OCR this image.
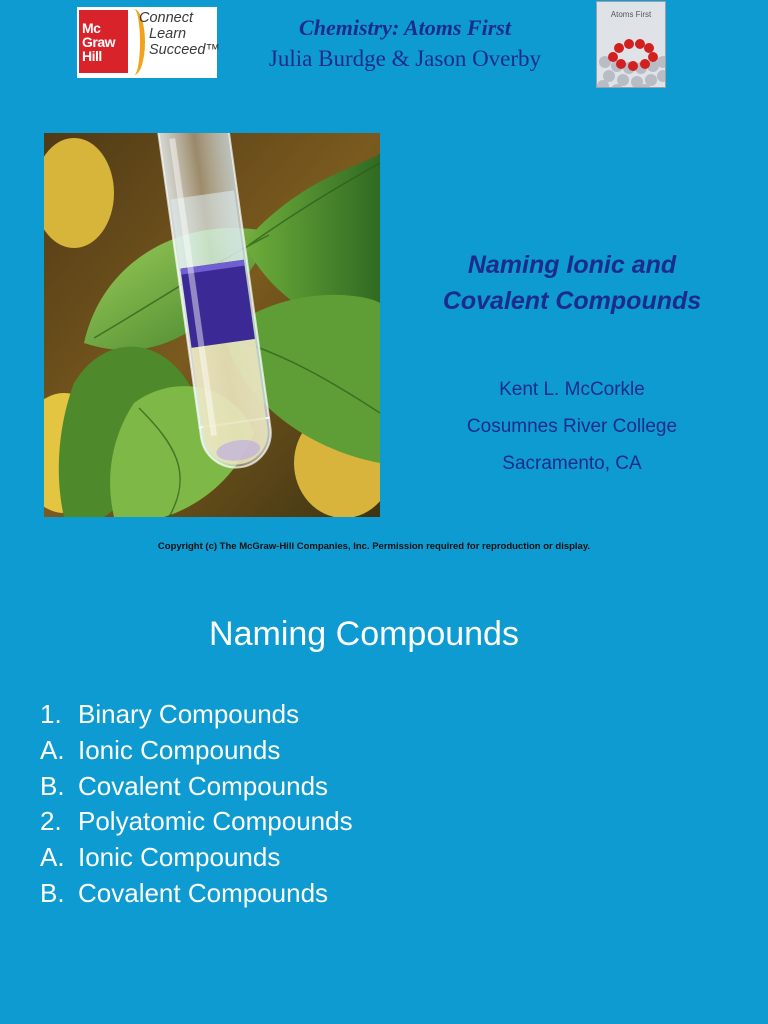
Mc
Graw
Hill
Connect
Learn
Succeed™
Chemistry: Atoms First
Julia Burdge & Jason Overby
Atoms First
Naming Ionic and
Covalent Compounds
Kent L. McCorkle
Cosumnes River College
Sacramento, CA
Copyright (c) The McGraw-Hill Companies, Inc. Permission required for reproduction or display.
Naming Compounds
1. Binary Compounds
A. Ionic Compounds
B. Covalent Compounds
2. Polyatomic Compounds
A. Ionic Compounds
B. Covalent Compounds
